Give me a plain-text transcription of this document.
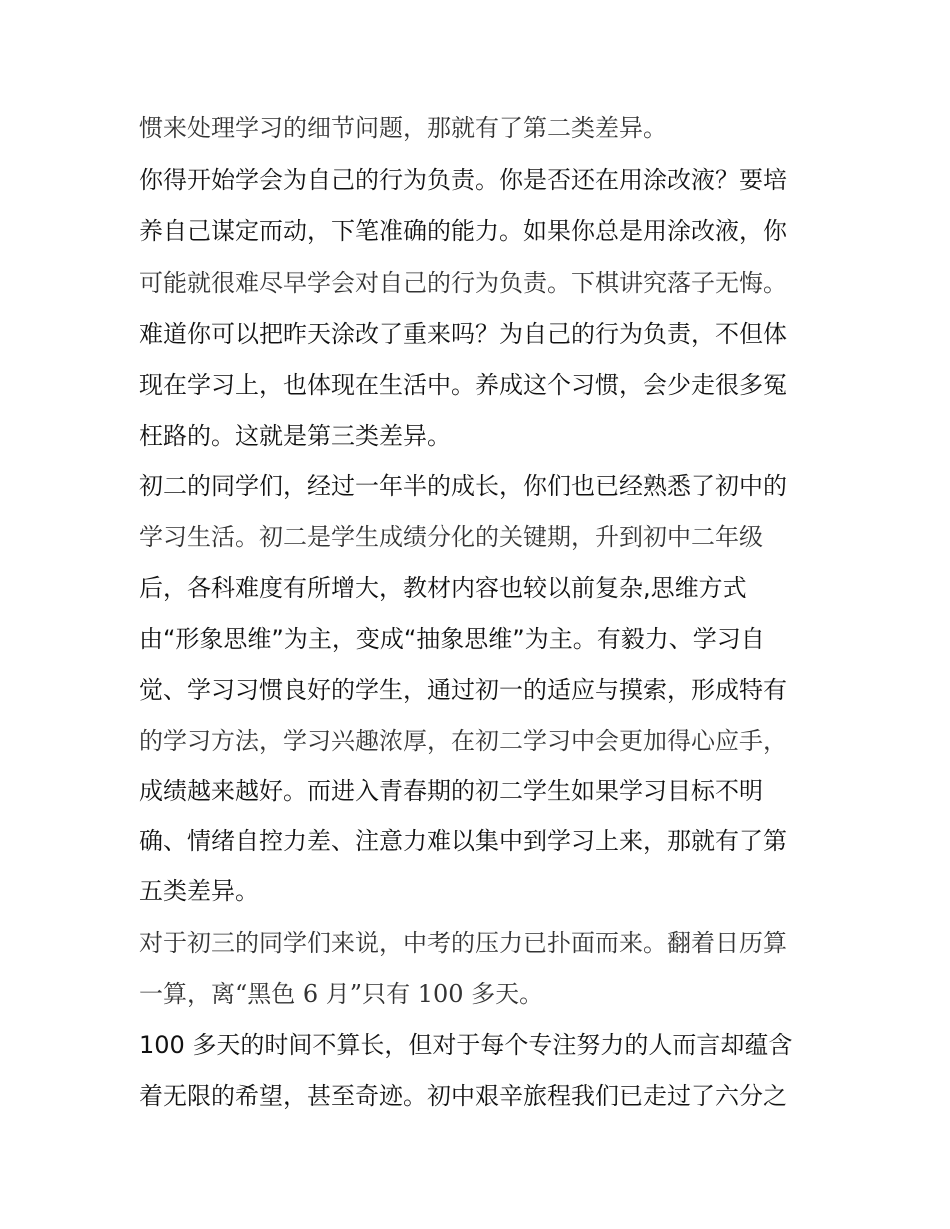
惯来处理学习的细节问题，那就有了第二类差异。
你得开始学会为自己的行为负责。你是否还在用涂改液？要培
养自己谋定而动，下笔准确的能力。如果你总是用涂改液，你
可能就很难尽早学会对自己的行为负责。下棋讲究落子无悔。
难道你可以把昨天涂改了重来吗？为自己的行为负责，不但体
现在学习上，也体现在生活中。养成这个习惯，会少走很多冤
枉路的。这就是第三类差异。
初二的同学们，经过一年半的成长，你们也已经熟悉了初中的
学习生活。初二是学生成绩分化的关键期，升到初中二年级
后，各科难度有所增大，教材内容也较以前复杂,思维方式
由“形象思维”为主，变成“抽象思维”为主。有毅力、学习自
觉、学习习惯良好的学生，通过初一的适应与摸索，形成特有
的学习方法，学习兴趣浓厚，在初二学习中会更加得心应手，
成绩越来越好。而进入青春期的初二学生如果学习目标不明
确、情绪自控力差、注意力难以集中到学习上来，那就有了第
五类差异。
对于初三的同学们来说，中考的压力已扑面而来。翻着日历算
一算，离“黑色 6 月”只有 100 多天。
100 多天的时间不算长，但对于每个专注努力的人而言却蕴含
着无限的希望，甚至奇迹。初中艰辛旅程我们已走过了六分之
